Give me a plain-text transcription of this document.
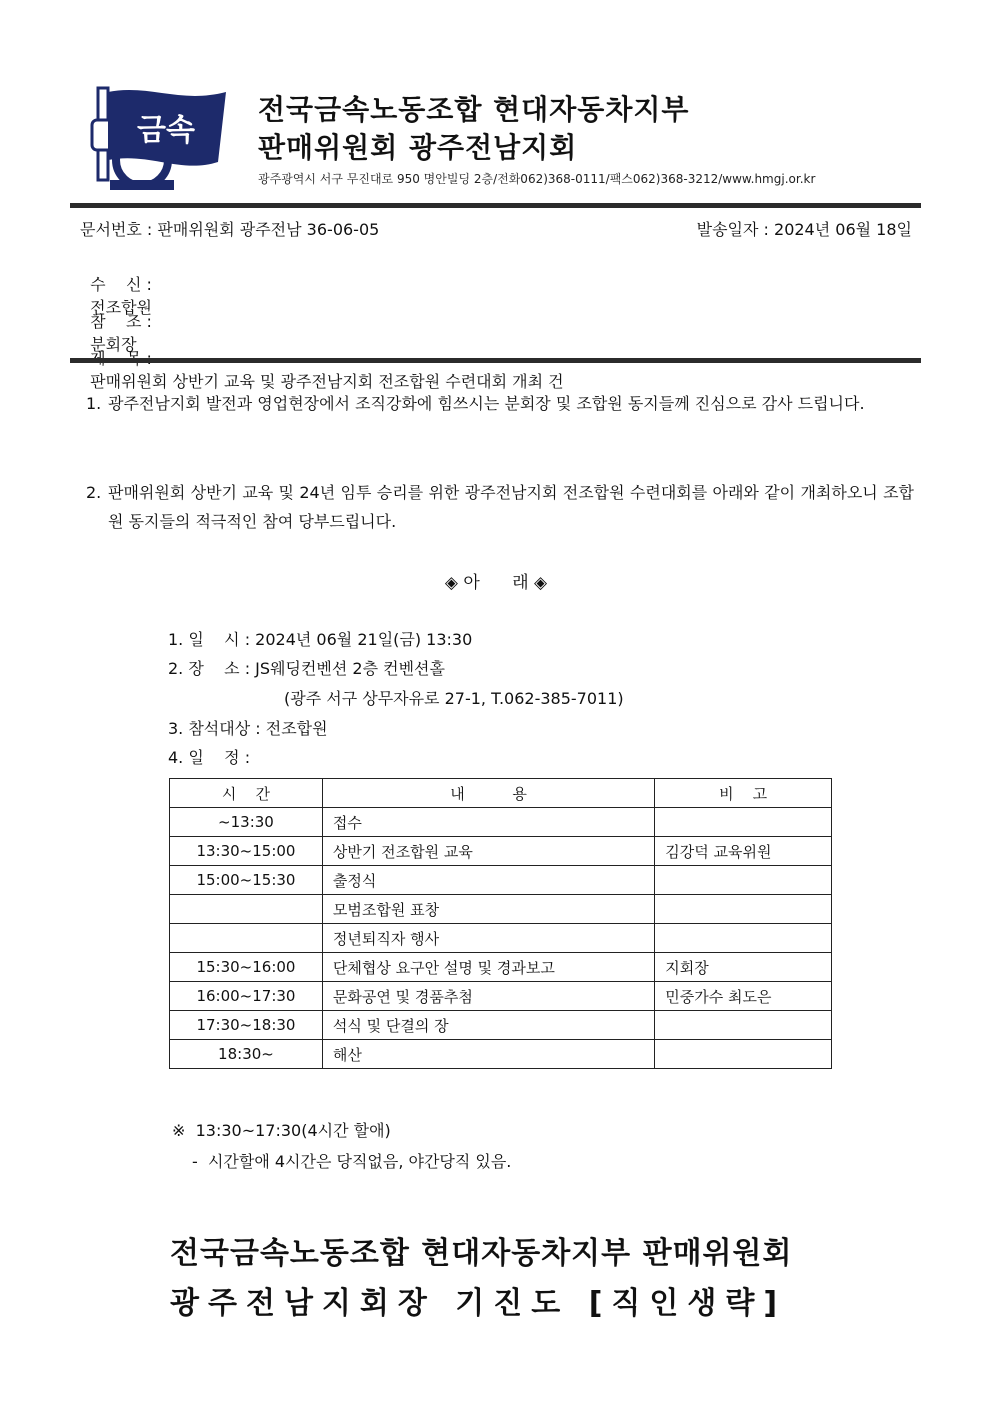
금속
전국금속노동조합 현대자동차지부
판매위원회 광주전남지회
광주광역시 서구 무진대로 950 명안빌딩 2층/전화062)368-0111/팩스062)368-3212/www.hmgj.or.kr
문서번호 : 판매위원회 광주전남 36-06-05	발송일자 : 2024년 06월 18일

수    신 :
전조합원

참    조 :
분회장

판매위원회 상반기 교육 및 광주전남지회 전조합원 수련대회 개최 건

1. 광주전남지회 발전과 영업현장에서 조직강화에 힘쓰시는 분회장 및 조합원 동지들께 진심으로 감사 드립니다.
2. 판매위원회 상반기 교육 및 24년 임투 승리를 위한 광주전남지회 전조합원 수련대회를 아래와 같이 개최하오니 조합원 동지들의 적극적인 참여 당부드립니다.
◈ 아      래 ◈
1. 일    시 : 2024년 06월 21일(금) 13:30
2. 장    소 : JS웨딩컨벤션 2층 컨벤션홀
(광주 서구 상무자유로 27-1, T.062-385-7011)
3. 참석대상 : 전조합원
4. 일    정 :
시    간	내          용	비    고
~13:30	접수	
13:30~15:00	상반기 전조합원 교육	김강덕 교육위원
15:00~15:30	출정식	
	모범조합원 표창	
	정년퇴직자 행사	
15:30~16:00	단체협상 요구안 설명 및 경과보고	지회장
16:00~17:30	문화공연 및 경품추첨	민중가수 최도은
17:30~18:30	석식 및 단결의 장	
18:30~	해산	
※  13:30~17:30(4시간 할애)
-  시간할애 4시간은 당직없음, 야간당직 있음.
전국금속노동조합 현대자동차지부 판매위원회
광주전남지회장 기진도 [직인생략]
